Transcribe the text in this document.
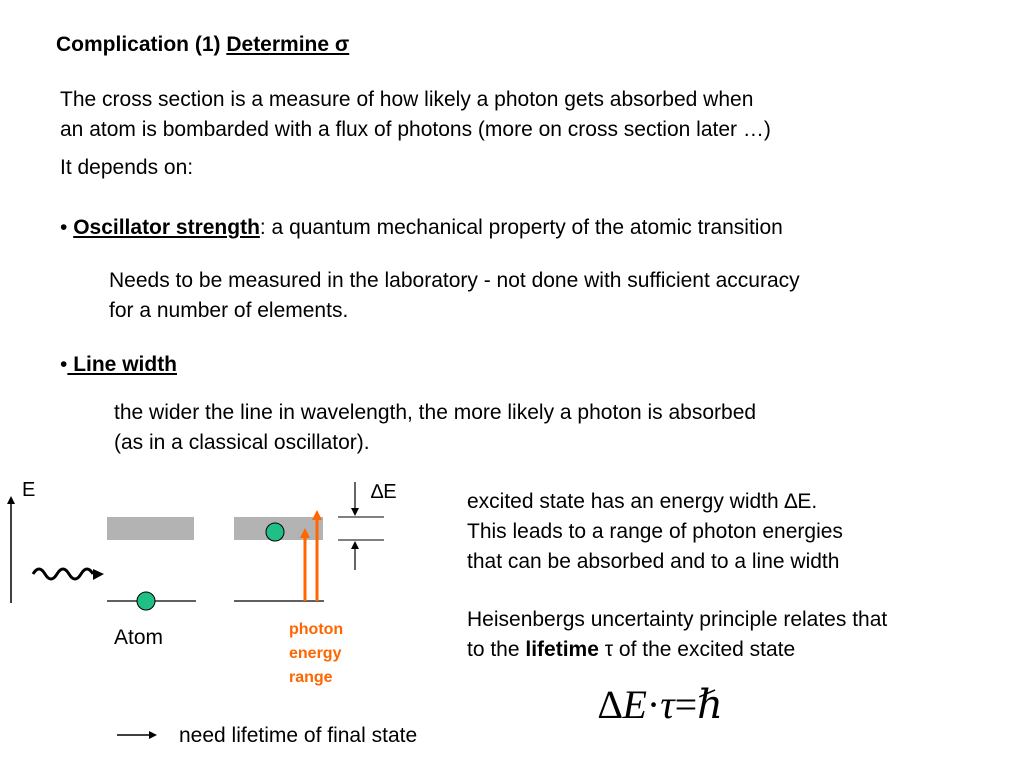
Complication (1) Determine σ
The cross section is a measure of how likely a photon gets absorbed when
an atom is bombarded with a flux of photons (more on cross section later …)
It depends on:
• Oscillator strength: a quantum mechanical property of the atomic transition
Needs to be measured in the laboratory - not done with sufficient accuracy
for a number of elements.
• Line width
the wider the line in wavelength, the more likely a photon is absorbed
(as in a classical oscillator).
E	∆E
Atom	photon
energy
range
excited state has an energy width ∆E.
This leads to a range of photon energies
that can be absorbed and to a line width
Heisenbergs uncertainty principle relates that
to the lifetime τ of the excited state
∆E·τ=ℏ
need lifetime of final state
